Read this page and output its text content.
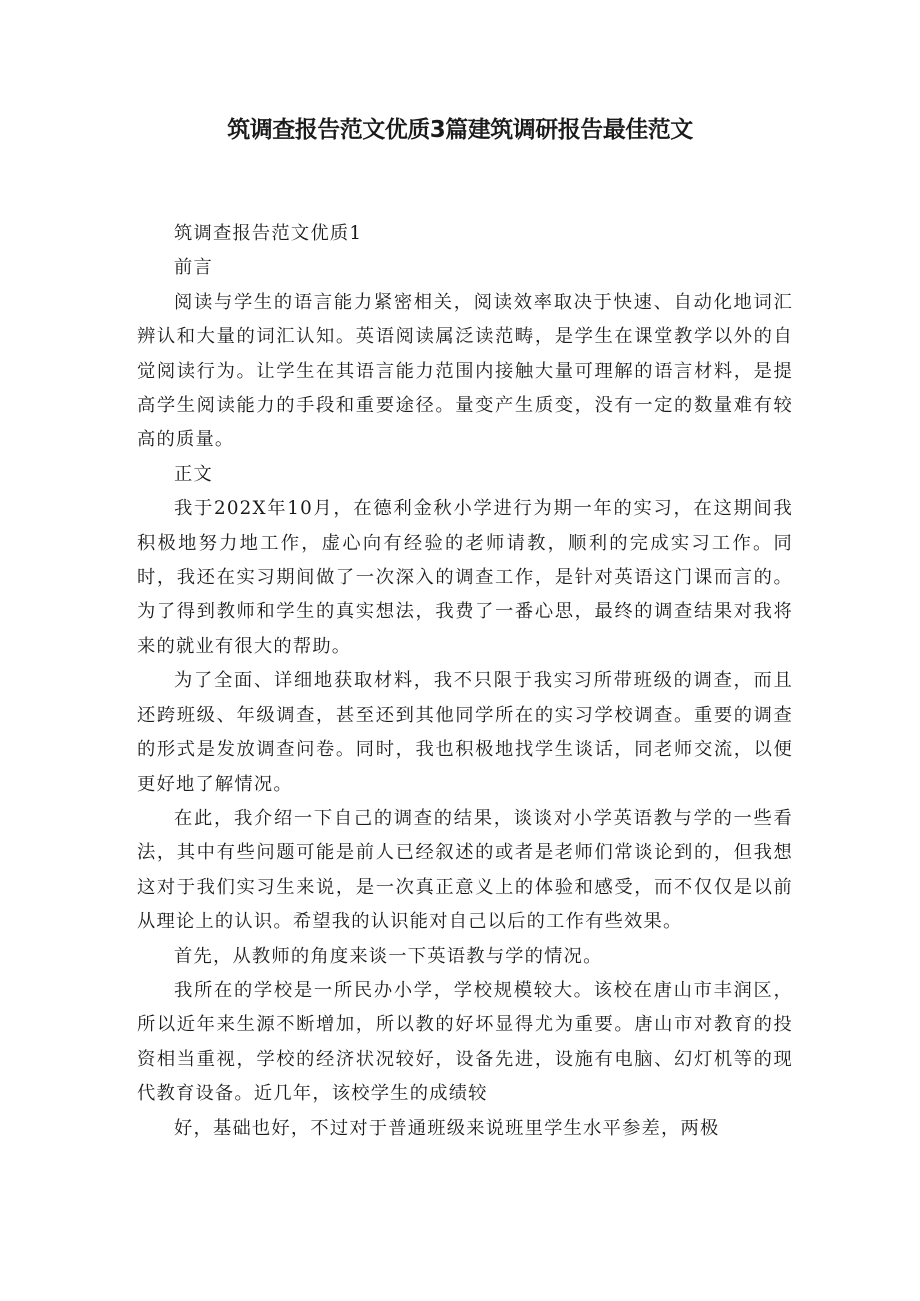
筑调查报告范文优质3篇建筑调研报告最佳范文

筑调查报告范文优质1

前言

阅读与学生的语言能力紧密相关，阅读效率取决于快速、自动化地词汇辨认和大量的词汇认知。英语阅读属泛读范畴，是学生在课堂教学以外的自觉阅读行为。让学生在其语言能力范围内接触大量可理解的语言材料，是提高学生阅读能力的手段和重要途径。量变产生质变，没有一定的数量难有较高的质量。

正文

我于202X年10月，在德利金秋小学进行为期一年的实习，在这期间我积极地努力地工作，虚心向有经验的老师请教，顺利的完成实习工作。同时，我还在实习期间做了一次深入的调查工作，是针对英语这门课而言的。为了得到教师和学生的真实想法，我费了一番心思，最终的调查结果对我将来的就业有很大的帮助。

为了全面、详细地获取材料，我不只限于我实习所带班级的调查，而且还跨班级、年级调查，甚至还到其他同学所在的实习学校调查。重要的调查的形式是发放调查问卷。同时，我也积极地找学生谈话，同老师交流，以便更好地了解情况。

在此，我介绍一下自己的调查的结果，谈谈对小学英语教与学的一些看法，其中有些问题可能是前人已经叙述的或者是老师们常谈论到的，但我想这对于我们实习生来说，是一次真正意义上的体验和感受，而不仅仅是以前从理论上的认识。希望我的认识能对自己以后的工作有些效果。

首先，从教师的角度来谈一下英语教与学的情况。

我所在的学校是一所民办小学，学校规模较大。该校在唐山市丰润区，所以近年来生源不断增加，所以教的好坏显得尤为重要。唐山市对教育的投资相当重视，学校的经济状况较好，设备先进，设施有电脑、幻灯机等的现代教育设备。近几年，该校学生的成绩较

好，基础也好，不过对于普通班级来说班里学生水平参差，两极
